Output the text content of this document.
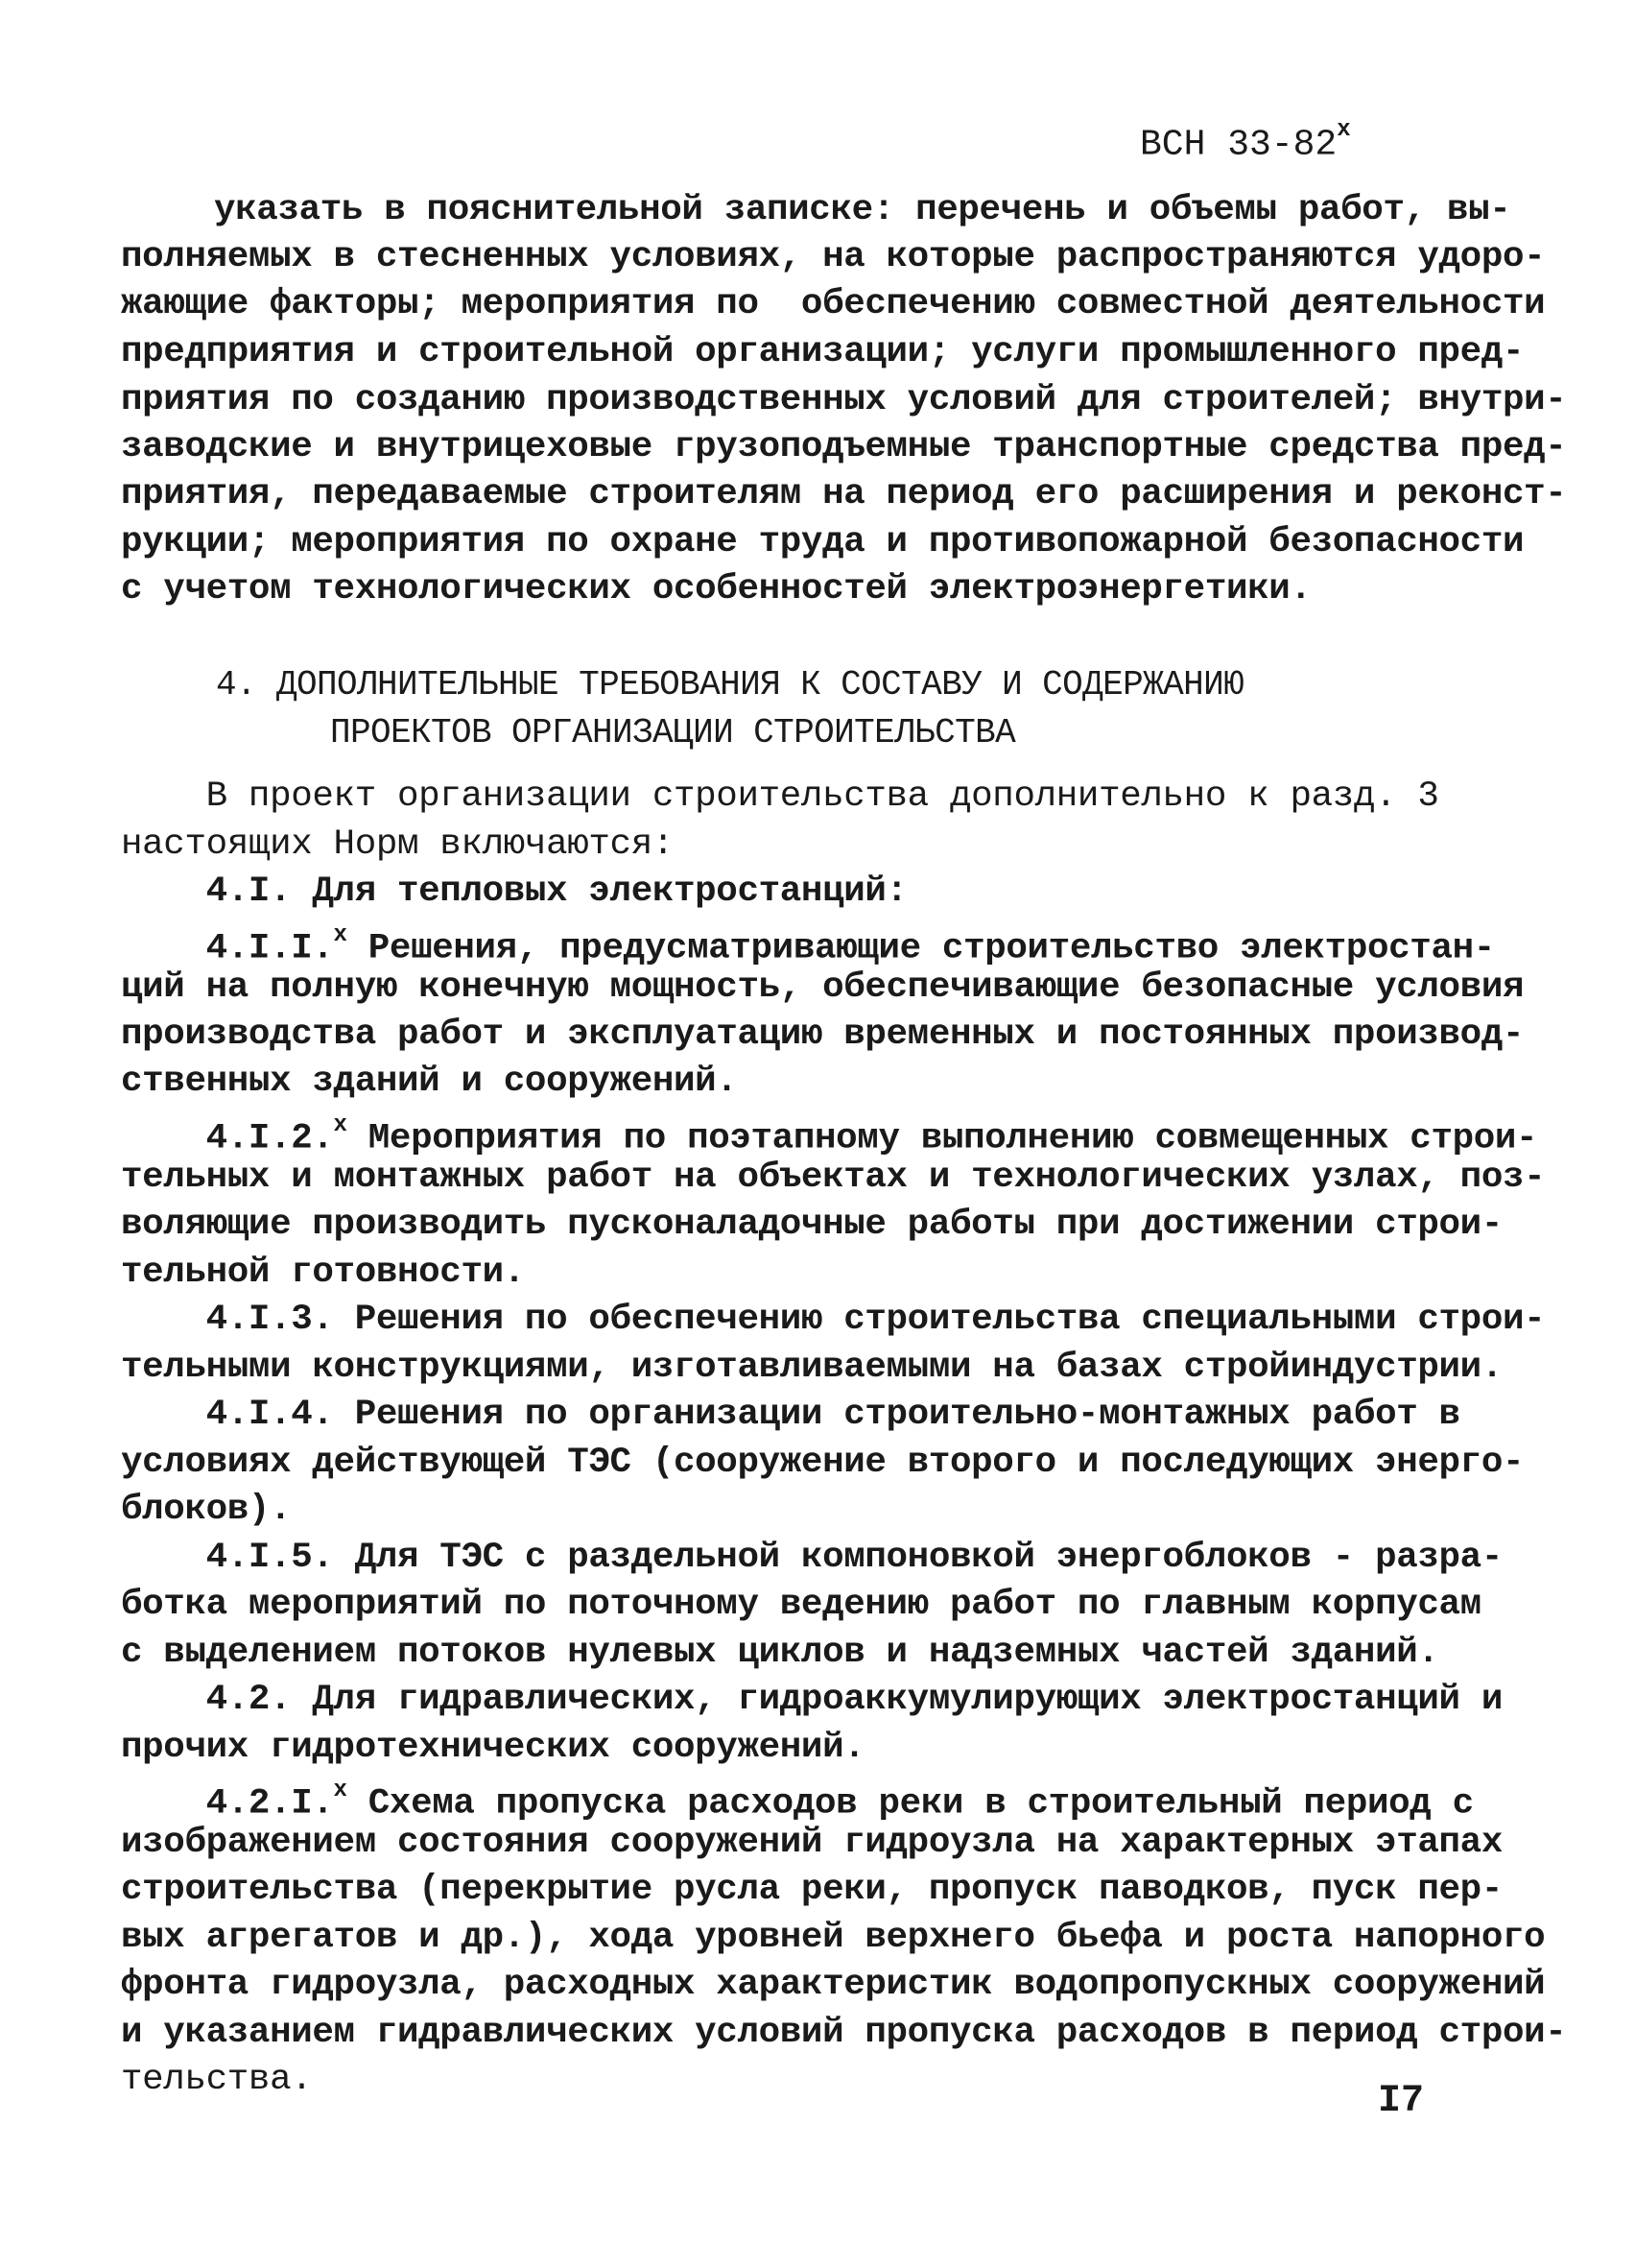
ВСН 33-82$^x$
указать в пояснительной записке: перечень и объемы работ, вы-
полняемых в стесненных условиях, на которые распространяются удоро-
жающие факторы; мероприятия по  обеспечению совместной деятельности
предприятия и строительной организации; услуги промышленного пред-
приятия по созданию производственных условий для строителей; внутри-
заводские и внутрицеховые грузоподъемные транспортные средства пред-
приятия, передаваемые строителям на период его расширения и реконст-
рукции; мероприятия по охране труда и противопожарной безопасности
с учетом технологических особенностей электроэнергетики.
4. ДОПОЛНИТЕЛЬНЫЕ ТРЕБОВАНИЯ К СОСТАВУ И СОДЕРЖАНИЮ
ПРОЕКТОВ ОРГАНИЗАЦИИ СТРОИТЕЛЬСТВА
В проект организации строительства дополнительно к разд. 3
настоящих Норм включаются:
4.I. Для тепловых электростанций:
4.I.I.$^x$ Решения, предусматривающие строительство электростан-
ций на полную конечную мощность, обеспечивающие безопасные условия
производства работ и эксплуатацию временных и постоянных производ-
ственных зданий и сооружений.
4.I.2.$^x$ Мероприятия по поэтапному выполнению совмещенных строи-
тельных и монтажных работ на объектах и технологических узлах, поз-
воляющие производить пусконаладочные работы при достижении строи-
тельной готовности.
4.I.3. Решения по обеспечению строительства специальными строи-
тельными конструкциями, изготавливаемыми на базах стройиндустрии.
4.I.4. Решения по организации строительно-монтажных работ в
условиях действующей ТЭС (сооружение второго и последующих энерго-
блоков).
4.I.5. Для ТЭС с раздельной компоновкой энергоблоков - разра-
ботка мероприятий по поточному ведению работ по главным корпусам
с выделением потоков нулевых циклов и надземных частей зданий.
4.2. Для гидравлических, гидроаккумулирующих электростанций и
прочих гидротехнических сооружений.
4.2.I.$^x$ Схема пропуска расходов реки в строительный период с
изображением состояния сооружений гидроузла на характерных этапах
строительства (перекрытие русла реки, пропуск паводков, пуск пер-
вых агрегатов и др.), хода уровней верхнего бьефа и роста напорного
фронта гидроузла, расходных характеристик водопропускных сооружений
и указанием гидравлических условий пропуска расходов в период строи-
тельства.	I7
